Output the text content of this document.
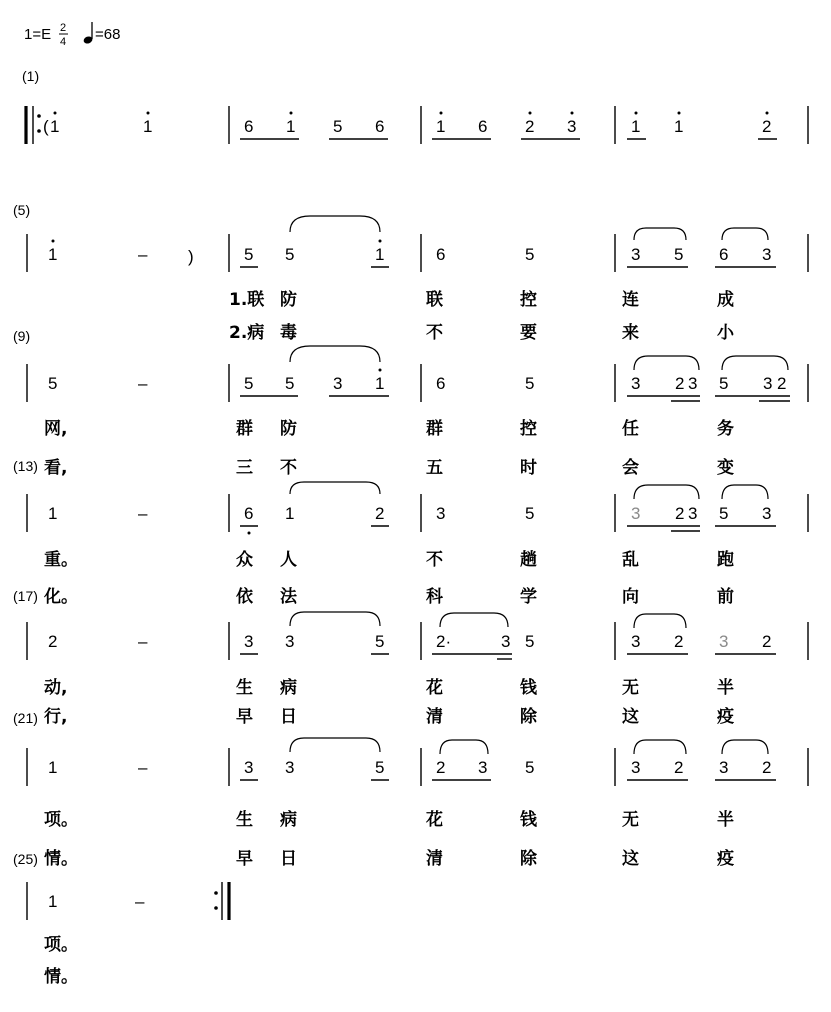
1=E 2
4 =68
(1)
(5)
(9)
(13)
(17)
(21)
(25)
( 1	1	6 1 5 6	1 6 2 3	1 1	2
1	– )	5 5	1	6	5	3 5 6 3
1.联 防	联	控	连	成
2.病 毒	不	要	来	小
5	–	5 5 3 1	6	5	3 2 3 5 3 2
网,	群 防	群	控	任	务
看,	三 不	五	时	会	变
1	–	6 1	2	3	5	3 2 3 5 3
重。	众 人	不	趟	乱	跑
化。	依 法	科	学	向	前
2	–	3 3	5	2·	3 5	3 2 3 2
动,	生 病	花	钱	无	半
行,	早 日	清	除	这	疫
1	–	3 3	5	2 3 5	3 2 3 2
项。	生 病	花	钱	无	半
情。	早 日	清	除	这	疫
1	–
项。
情。
